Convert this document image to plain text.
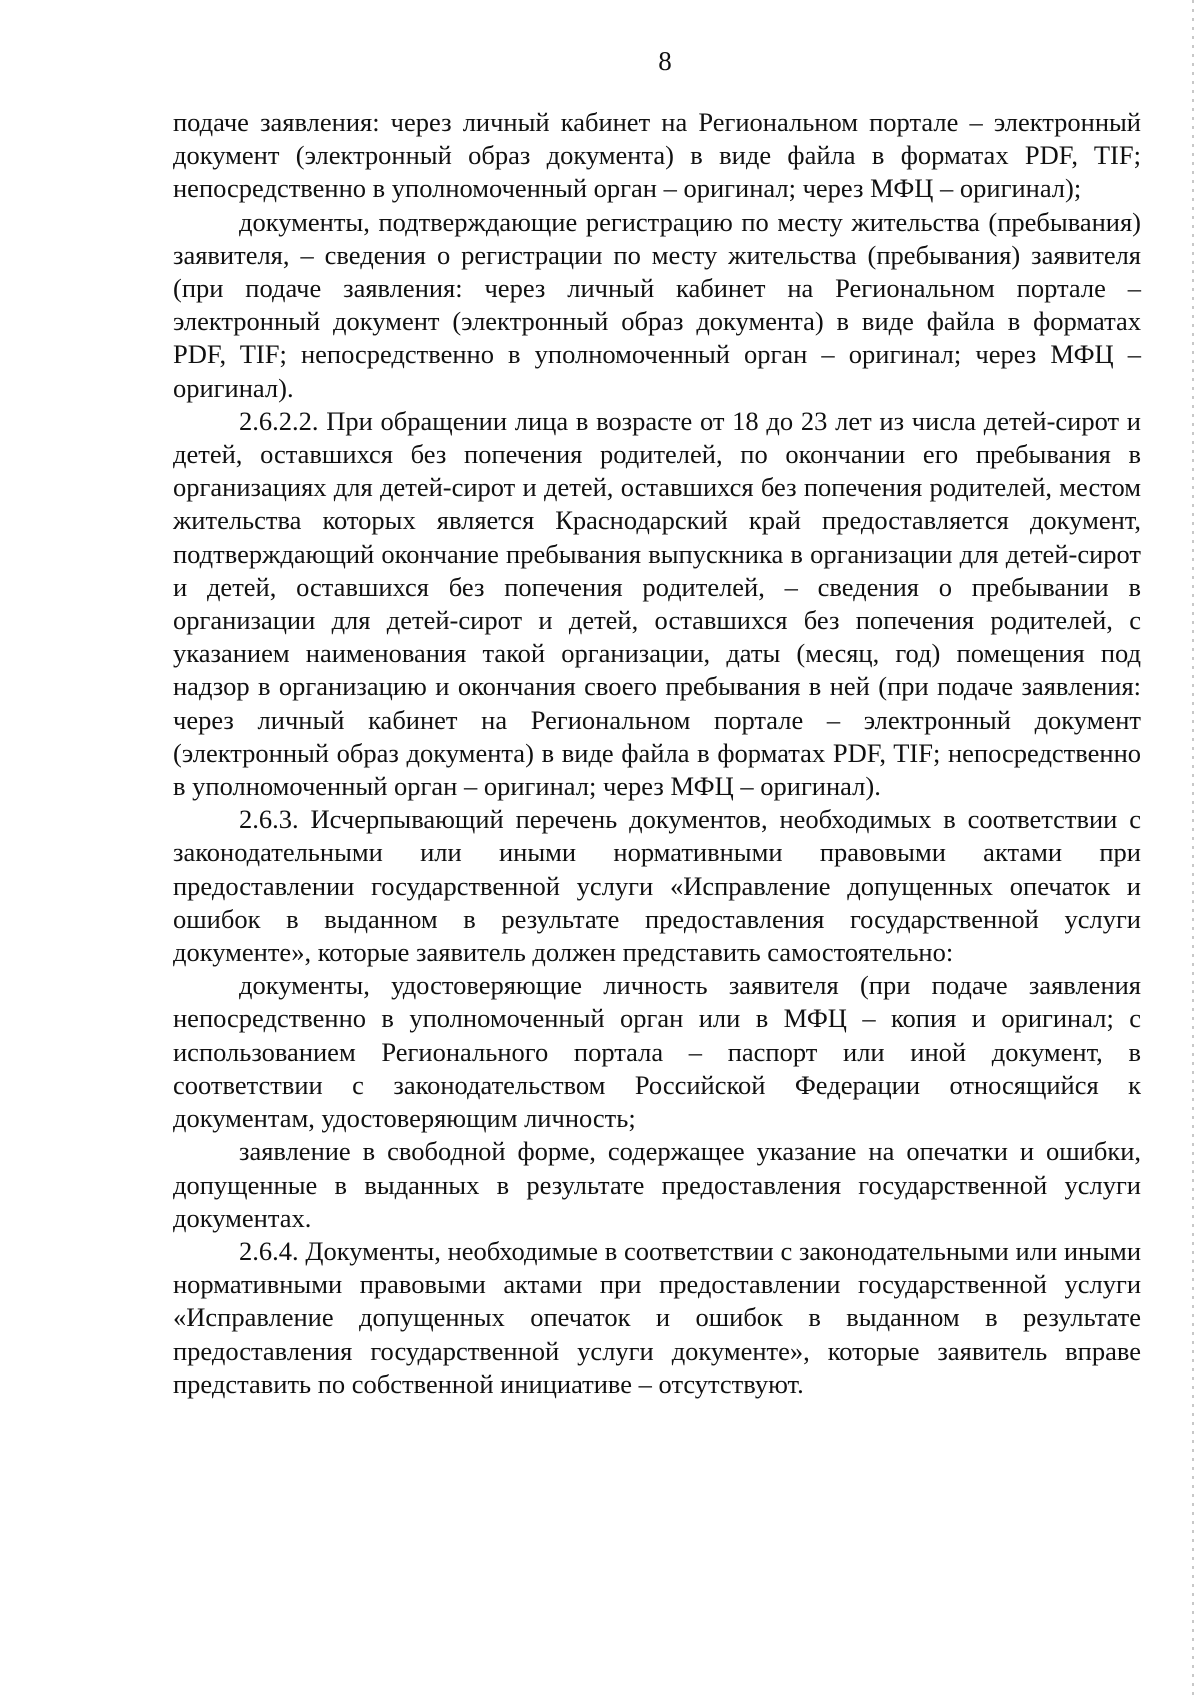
8

подаче заявления: через личный кабинет на Региональном портале – электронный документ (электронный образ документа) в виде файла в форматах PDF, TIF; непосредственно в уполномоченный орган – оригинал; через МФЦ – оригинал);

документы, подтверждающие регистрацию по месту жительства (пребывания) заявителя, – сведения о регистрации по месту жительства (пребывания) заявителя (при подаче заявления: через личный кабинет на Региональном портале – электронный документ (электронный образ документа) в виде файла в форматах PDF, TIF; непосредственно в уполномоченный орган – оригинал; через МФЦ – оригинал).

2.6.2.2. При обращении лица в возрасте от 18 до 23 лет из числа детей-сирот и детей, оставшихся без попечения родителей, по окончании его пребывания в организациях для детей-сирот и детей, оставшихся без попечения родителей, местом жительства которых является Краснодарский край предоставляется документ, подтверждающий окончание пребывания выпускника в организации для детей-сирот и детей, оставшихся без попечения родителей, – сведения о пребывании в организации для детей-сирот и детей, оставшихся без попечения родителей, с указанием наименования такой организации, даты (месяц, год) помещения под надзор в организацию и окончания своего пребывания в ней (при подаче заявления: через личный кабинет на Региональном портале – электронный документ (электронный образ документа) в виде файла в форматах PDF, TIF; непосредственно в уполномоченный орган – оригинал; через МФЦ – оригинал).

2.6.3. Исчерпывающий перечень документов, необходимых в соответствии с законодательными или иными нормативными правовыми актами при предоставлении государственной услуги «Исправление допущенных опечаток и ошибок в выданном в результате предоставления государственной услуги документе», которые заявитель должен представить самостоятельно:

документы, удостоверяющие личность заявителя (при подаче заявления непосредственно в уполномоченный орган или в МФЦ – копия и оригинал; с использованием Регионального портала – паспорт или иной документ, в соответствии с законодательством Российской Федерации относящийся к документам, удостоверяющим личность;

заявление в свободной форме, содержащее указание на опечатки и ошибки, допущенные в выданных в результате предоставления государственной услуги документах.

2.6.4. Документы, необходимые в соответствии с законодательными или иными нормативными правовыми актами при предоставлении государственной услуги «Исправление допущенных опечаток и ошибок в выданном в результате предоставления государственной услуги документе», которые заявитель вправе представить по собственной инициативе – отсутствуют.
